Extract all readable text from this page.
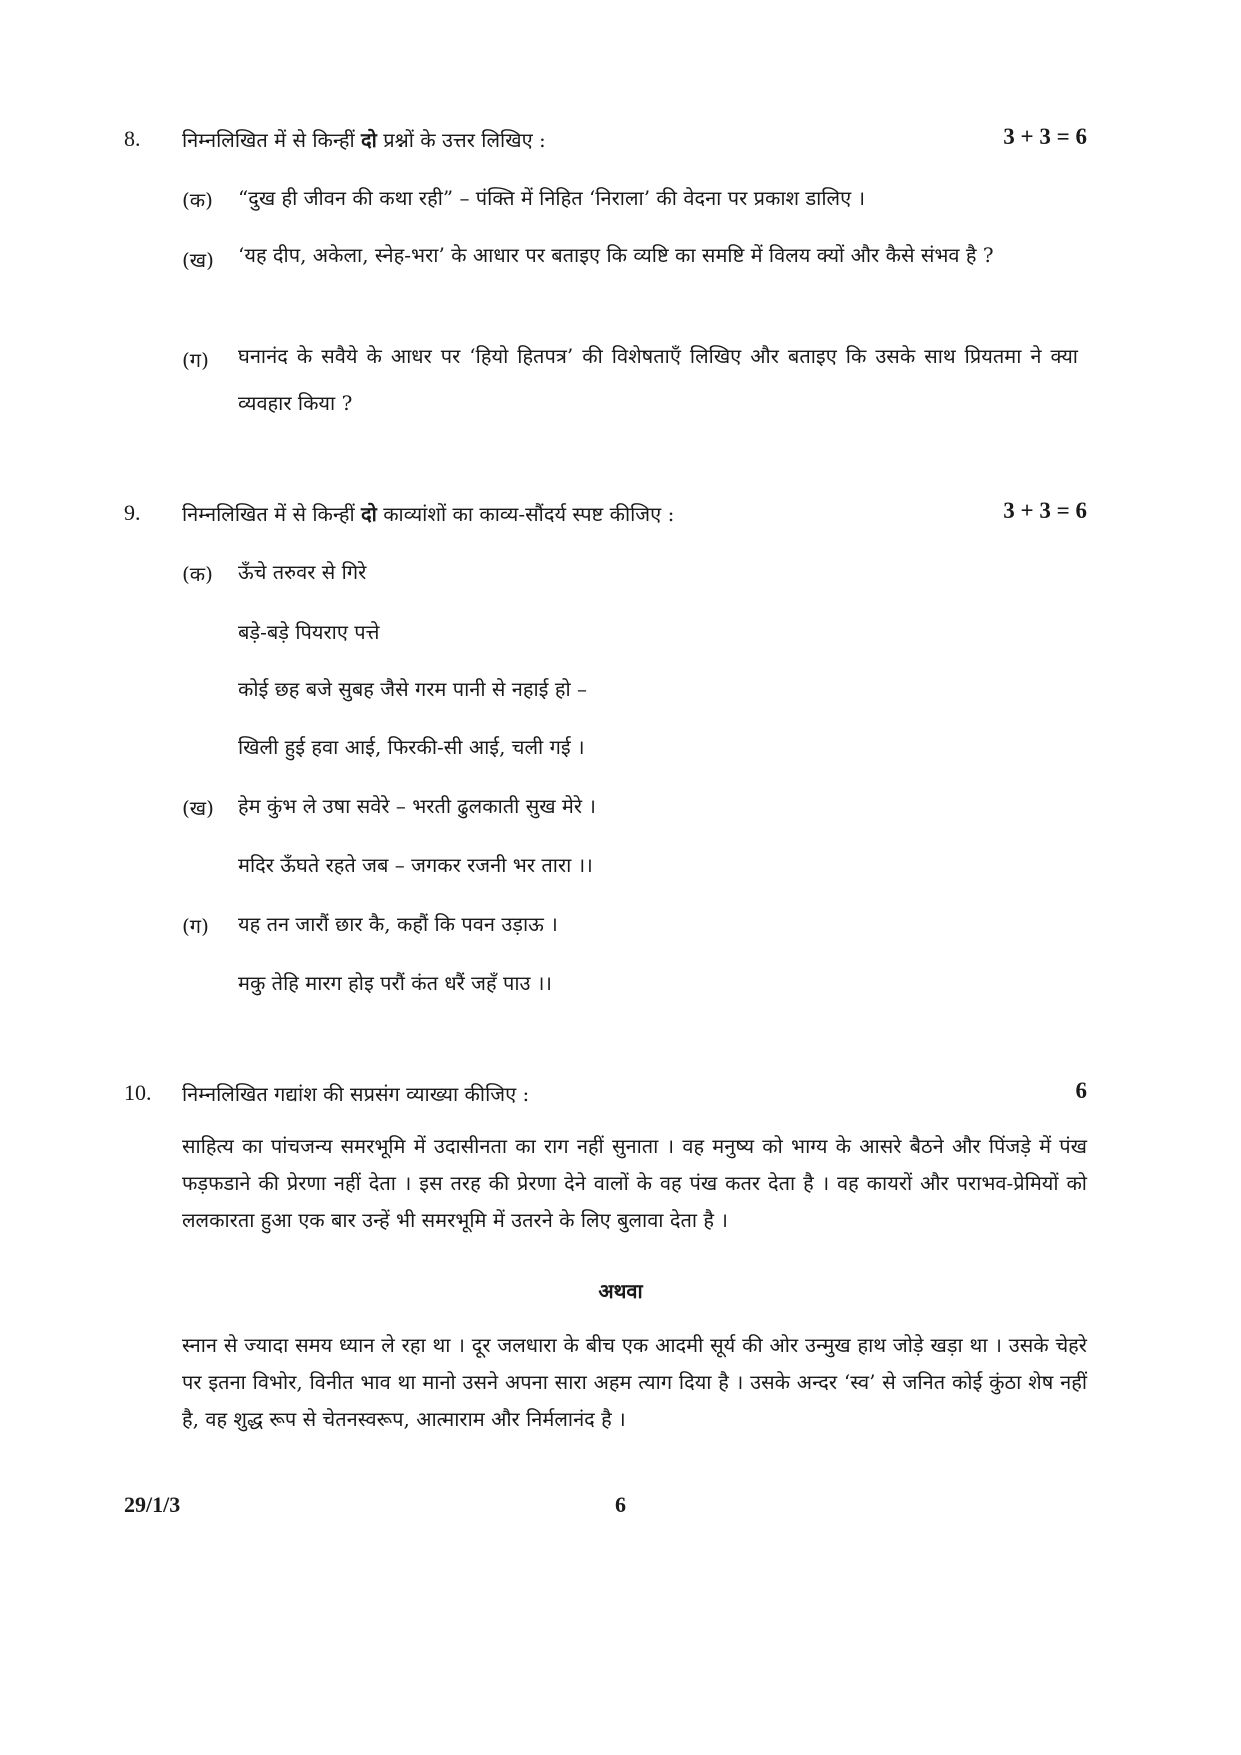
8. निम्नलिखित में से किन्हीं दो प्रश्नों के उत्तर लिखिए :	3 + 3 = 6
(क) “दुख ही जीवन की कथा रही” – पंक्ति में निहित ‘निराला’ की वेदना पर प्रकाश डालिए ।
(ख) ‘यह दीप, अकेला, स्नेह-भरा’ के आधार पर बताइए कि व्यष्टि का समष्टि में विलय क्यों और कैसे संभव है ?
(ग) घनानंद के सवैये के आधर पर ‘हियो हितपत्र’ की विशेषताएँ लिखिए और बताइए कि उसके साथ प्रियतमा ने क्या व्यवहार किया ?
9. निम्नलिखित में से किन्हीं दो काव्यांशों का काव्य-सौंदर्य स्पष्ट कीजिए :	3 + 3 = 6
(क) ऊँचे तरुवर से गिरे
बड़े-बड़े पियराए पत्ते
कोई छह बजे सुबह जैसे गरम पानी से नहाई हो –
खिली हुई हवा आई, फिरकी-सी आई, चली गई ।
(ख) हेम कुंभ ले उषा सवेरे – भरती ढुलकाती सुख मेरे ।
मदिर ऊँघते रहते जब – जगकर रजनी भर तारा ।।
(ग) यह तन जारौं छार कै, कहौं कि पवन उड़ाऊ ।
मकु तेहि मारग होइ परौं कंत धरैं जहँ पाउ ।।
10. निम्नलिखित गद्यांश की सप्रसंग व्याख्या कीजिए :	6
साहित्य का पांचजन्य समरभूमि में उदासीनता का राग नहीं सुनाता । वह मनुष्य को भाग्य के आसरे बैठने और पिंजड़े में पंख फड़फडाने की प्रेरणा नहीं देता । इस तरह की प्रेरणा देने वालों के वह पंख कतर देता है । वह कायरों और पराभव-प्रेमियों को ललकारता हुआ एक बार उन्हें भी समरभूमि में उतरने के लिए बुलावा देता है ।
अथवा
स्नान से ज्यादा समय ध्यान ले रहा था । दूर जलधारा के बीच एक आदमी सूर्य की ओर उन्मुख हाथ जोड़े खड़ा था । उसके चेहरे पर इतना विभोर, विनीत भाव था मानो उसने अपना सारा अहम त्याग दिया है । उसके अन्दर ‘स्व’ से जनित कोई कुंठा शेष नहीं है, वह शुद्ध रूप से चेतनस्वरूप, आत्माराम और निर्मलानंद है ।
29/1/3	6
